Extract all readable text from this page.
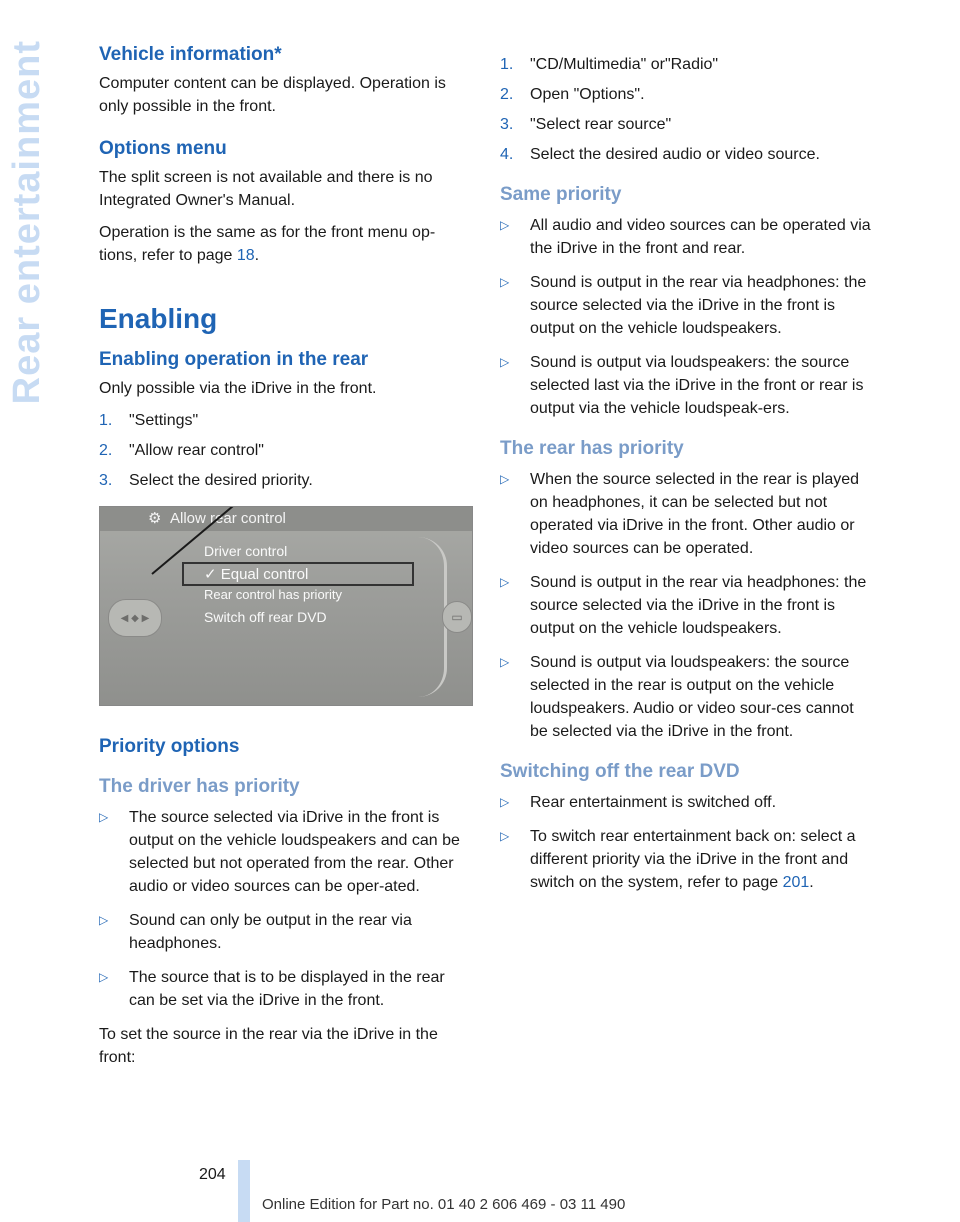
Rear entertainment	Vehicle information*

Computer content can be displayed. Operation is only possible in the front.

Options menu

The split screen is not available and there is no Integrated Owner's Manual.

Operation is the same as for the front menu op-tions, refer to page 18.

Enabling
Enabling operation in the rear

Only possible via the iDrive in the front.

1.	"Settings"
2.	"Allow rear control"
3.	Select the desired priority.
⚙ Allow rear control
Driver control
✓ Equal control
Rear control has priority
Switch off rear DVD
◀ ◆ ▶	▭
Priority options
The driver has priority
▷	The source selected via iDrive in the front is output on the vehicle loudspeakers and can be selected but not operated from the rear. Other audio or video sources can be oper-ated.
▷	Sound can only be output in the rear via headphones.
▷	The source that is to be displayed in the rear can be set via the iDrive in the front.

To set the source in the rear via the iDrive in the front:

1.	"CD/Multimedia" or"Radio"
2.	Open "Options".
3.	"Select rear source"
4.	Select the desired audio or video source.
Same priority
▷	All audio and video sources can be operated via the iDrive in the front and rear.
▷	Sound is output in the rear via headphones: the source selected via the iDrive in the front is output on the vehicle loudspeakers.
▷	Sound is output via loudspeakers: the source selected last via the iDrive in the front or rear is output via the vehicle loudspeak-ers.
The rear has priority
▷	When the source selected in the rear is played on headphones, it can be selected but not operated via iDrive in the front. Other audio or video sources can be operated.
▷	Sound is output in the rear via headphones: the source selected via the iDrive in the front is output on the vehicle loudspeakers.
▷	Sound is output via loudspeakers: the source selected in the rear is output on the vehicle loudspeakers. Audio or video sour-ces cannot be selected via the iDrive in the front.
Switching off the rear DVD
▷	Rear entertainment is switched off.
▷	To switch rear entertainment back on: select a different priority via the iDrive in the front and switch on the system, refer to page 201.
204
Online Edition for Part no. 01 40 2 606 469 - 03 11 490
